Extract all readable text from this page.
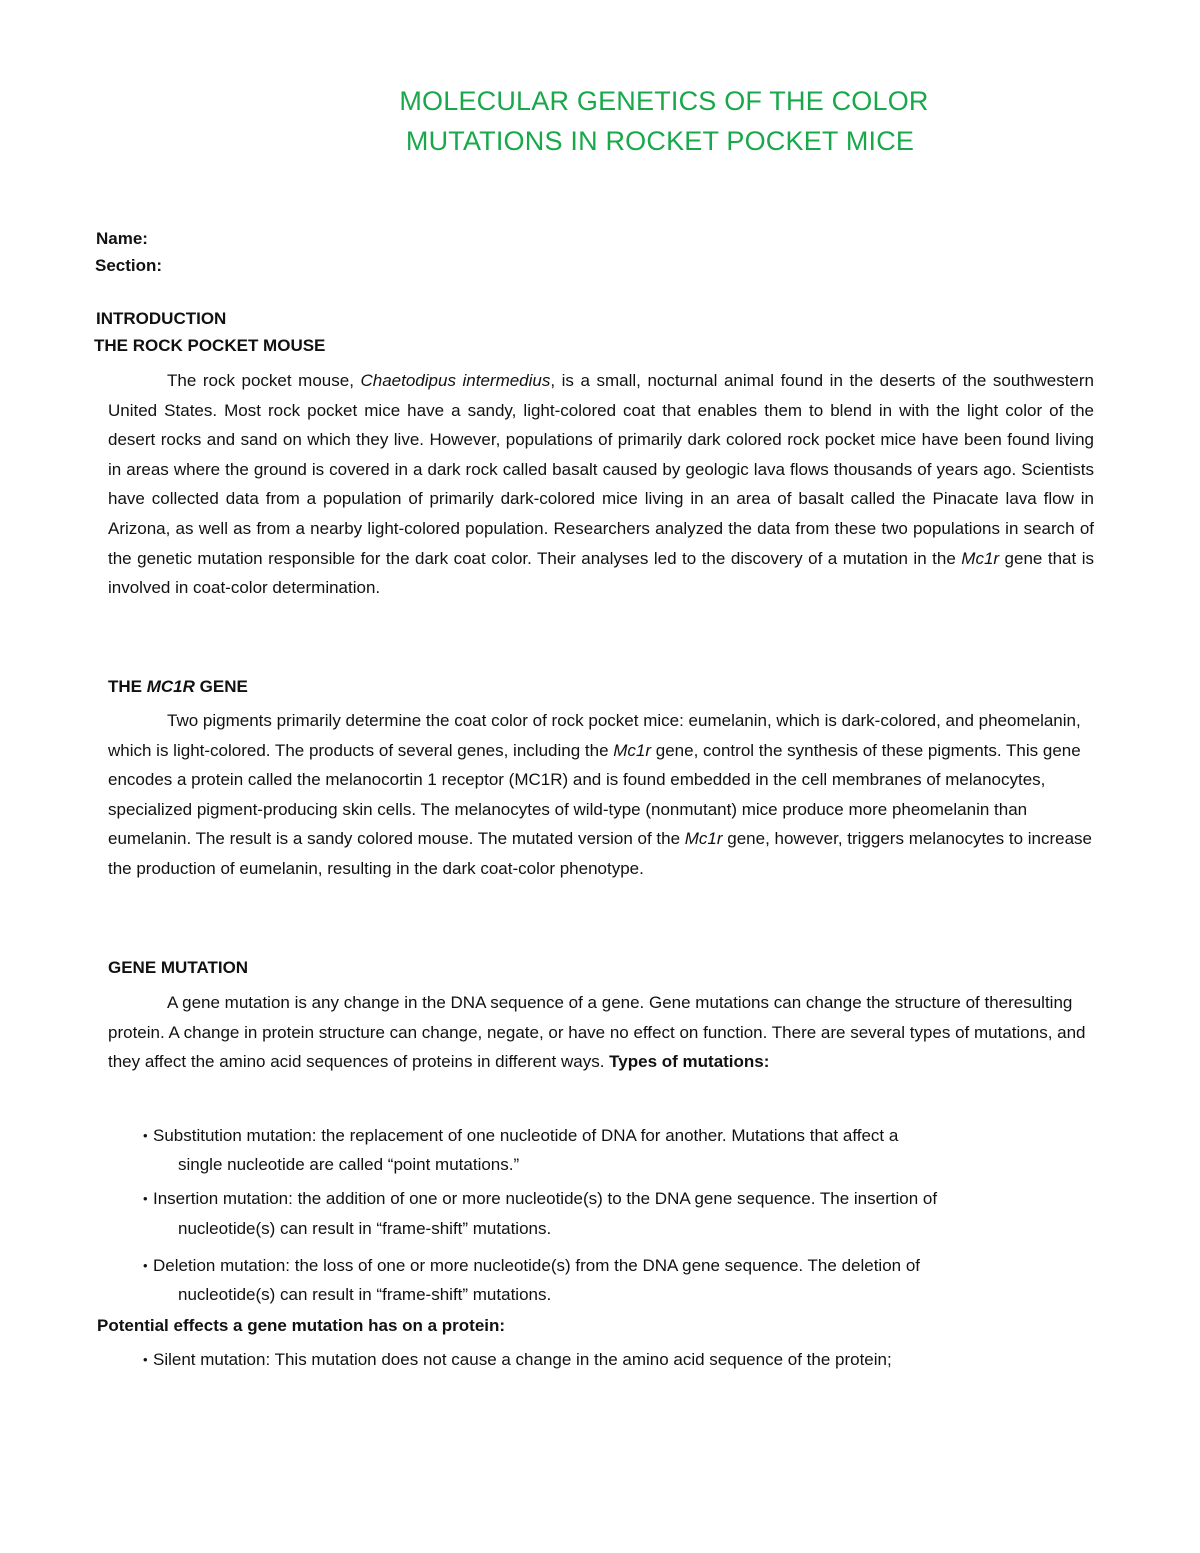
MOLECULAR GENETICS OF THE COLOR
MUTATIONS IN ROCKET POCKET MICE
Name:
Section:
INTRODUCTION
THE ROCK POCKET MOUSE
The rock pocket mouse, Chaetodipus intermedius, is a small, nocturnal animal found in the deserts of the southwestern United States. Most rock pocket mice have a sandy, light-colored coat that enables them to blend in with the light color of the desert rocks and sand on which they live. However, populations of primarily dark colored rock pocket mice have been found living in areas where the ground is covered in a dark rock called basalt caused by geologic lava flows thousands of years ago. Scientists have collected data from a population of primarily dark-colored mice living in an area of basalt called the Pinacate lava flow in Arizona, as well as from a nearby light-colored population. Researchers analyzed the data from these two populations in search of the genetic mutation responsible for the dark coat color. Their analyses led to the discovery of a mutation in the Mc1r gene that is involved in coat-color determination.
THE MC1R GENE
Two pigments primarily determine the coat color of rock pocket mice: eumelanin, which is dark-colored, and pheomelanin, which is light-colored. The products of several genes, including the Mc1r gene, control the synthesis of these pigments. This gene encodes a protein called the melanocortin 1 receptor (MC1R) and is found embedded in the cell membranes of melanocytes, specialized pigment-producing skin cells. The melanocytes of wild-type (nonmutant) mice produce more pheomelanin than eumelanin. The result is a sandy colored mouse. The mutated version of the Mc1r gene, however, triggers melanocytes to increase the production of eumelanin, resulting in the dark coat-color phenotype.
GENE MUTATION
A gene mutation is any change in the DNA sequence of a gene. Gene mutations can change the structure of theresulting protein. A change in protein structure can change, negate, or have no effect on function. There are several types of mutations, and they affect the amino acid sequences of proteins in different ways. Types of mutations:
• Substitution mutation: the replacement of one nucleotide of DNA for another. Mutations that affect a
single nucleotide are called “point mutations.”
• Insertion mutation: the addition of one or more nucleotide(s) to the DNA gene sequence. The insertion of
nucleotide(s) can result in “frame-shift” mutations.
• Deletion mutation: the loss of one or more nucleotide(s) from the DNA gene sequence. The deletion of
nucleotide(s) can result in “frame-shift” mutations.
Potential effects a gene mutation has on a protein:
• Silent mutation: This mutation does not cause a change in the amino acid sequence of the protein;
